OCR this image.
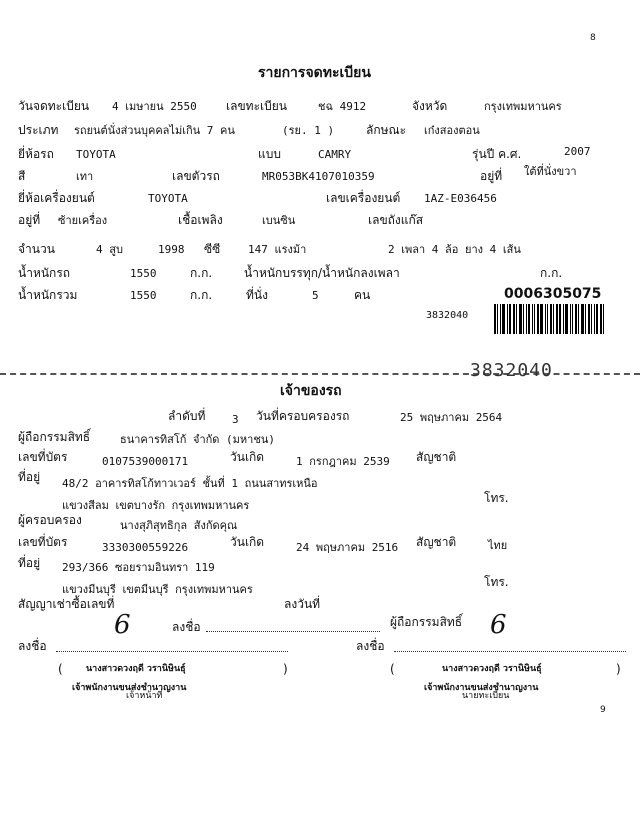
8
9
รายการจดทะเบียน
วันจดทะเบียน 4 เมษายน 2550 เลขทะเบียน	ชฉ 4912	จังหวัด	กรุงเทพมหานคร
ประเภท รถยนต์นั่งส่วนบุคคลไม่เกิน 7 คน	(รย. 1 )	ลักษณะ เก๋งสองตอน
ยี่ห้อรถ TOYOTA	แบบ	CAMRY	รุ่นปี ค.ศ.	2007
สี	เทา	เลขตัวรถ	MR053BK4107010359	อยู่ที่ ใต้ที่นั่งขวา
ยี่ห้อเครื่องยนต์	TOYOTA	เลขเครื่องยนต์ 1AZ-E036456
อยู่ที่ ซ้ายเครื่อง	เชื้อเพลิง	เบนซิน	เลขถังแก๊ส
จำนวน	4 สูบ	1998 ซีซี	147 แรงม้า	2 เพลา 4 ล้อ ยาง 4 เส้น
น้ำหนักรถ	1550	ก.ก.	น้ำหนักบรรทุก/น้ำหนักลงเพลา	ก.ก.
น้ำหนักรวม	1550	ก.ก.	ที่นั่ง	5	คน	0006305075
3832040
3832040
เจ้าของรถ
ลำดับที่ 3 วันที่ครอบครองรถ	25 พฤษภาคม 2564
ผู้ถือกรรมสิทธิ์	ธนาคารทิสโก้ จำกัด (มหาชน)
เลขที่บัตร	0107539000171	วันเกิด	1 กรกฎาคม 2539 สัญชาติ
ที่อยู่ 48/2 อาคารทิสโก้ทาวเวอร์ ชั้นที่ 1 ถนนสาทรเหนือ
โทร.
แขวงสีลม เขตบางรัก กรุงเทพมหานคร
ผู้ครอบครอง	นางสุภิสุทธิกุล สังกัดคุณ
เลขที่บัตร	3330300559226	วันเกิด	24 พฤษภาคม 2516 สัญชาติ	ไทย
ที่อยู่ 293/366 ซอยรามอินทรา 119
โทร.
แขวงมีนบุรี เขตมีนบุรี กรุงเทพมหานคร
สัญญาเช่าซื้อเลขที่	ลงวันที่
6	ลงชื่อ	ผู้ถือกรรมสิทธิ์ 6
ลงชื่อ	ลงชื่อ
(	นางสาวดวงฤดี วรานิษินธุ์	)
เจ้าพนักงานขนส่งชำนาญงาน
เจ้าหน้าที่
(	นางสาวดวงฤดี วรานิษินธุ์	)
เจ้าพนักงานขนส่งชำนาญงาน
นายทะเบียน
